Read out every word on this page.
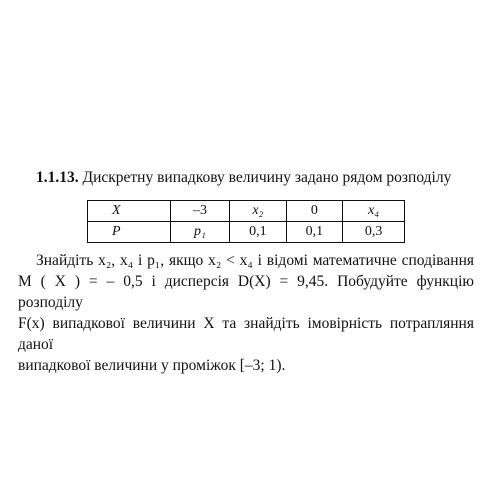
1.1.13. Дискретну випадкову величину задано рядом розподілу
X	–3	x₂	0	x₄
P	p₁	0,1	0,1	0,3
Знайдіть x₂, x₄ і p₁, якщо x₂ < x₄ і відомі математичне сподівання
M ( X ) = – 0,5 і дисперсія D(X) = 9,45. Побудуйте функцію розподілу
F(x) випадкової величини X та знайдіть імовірність потрапляння даної
випадкової величини у проміжок [–3; 1).
